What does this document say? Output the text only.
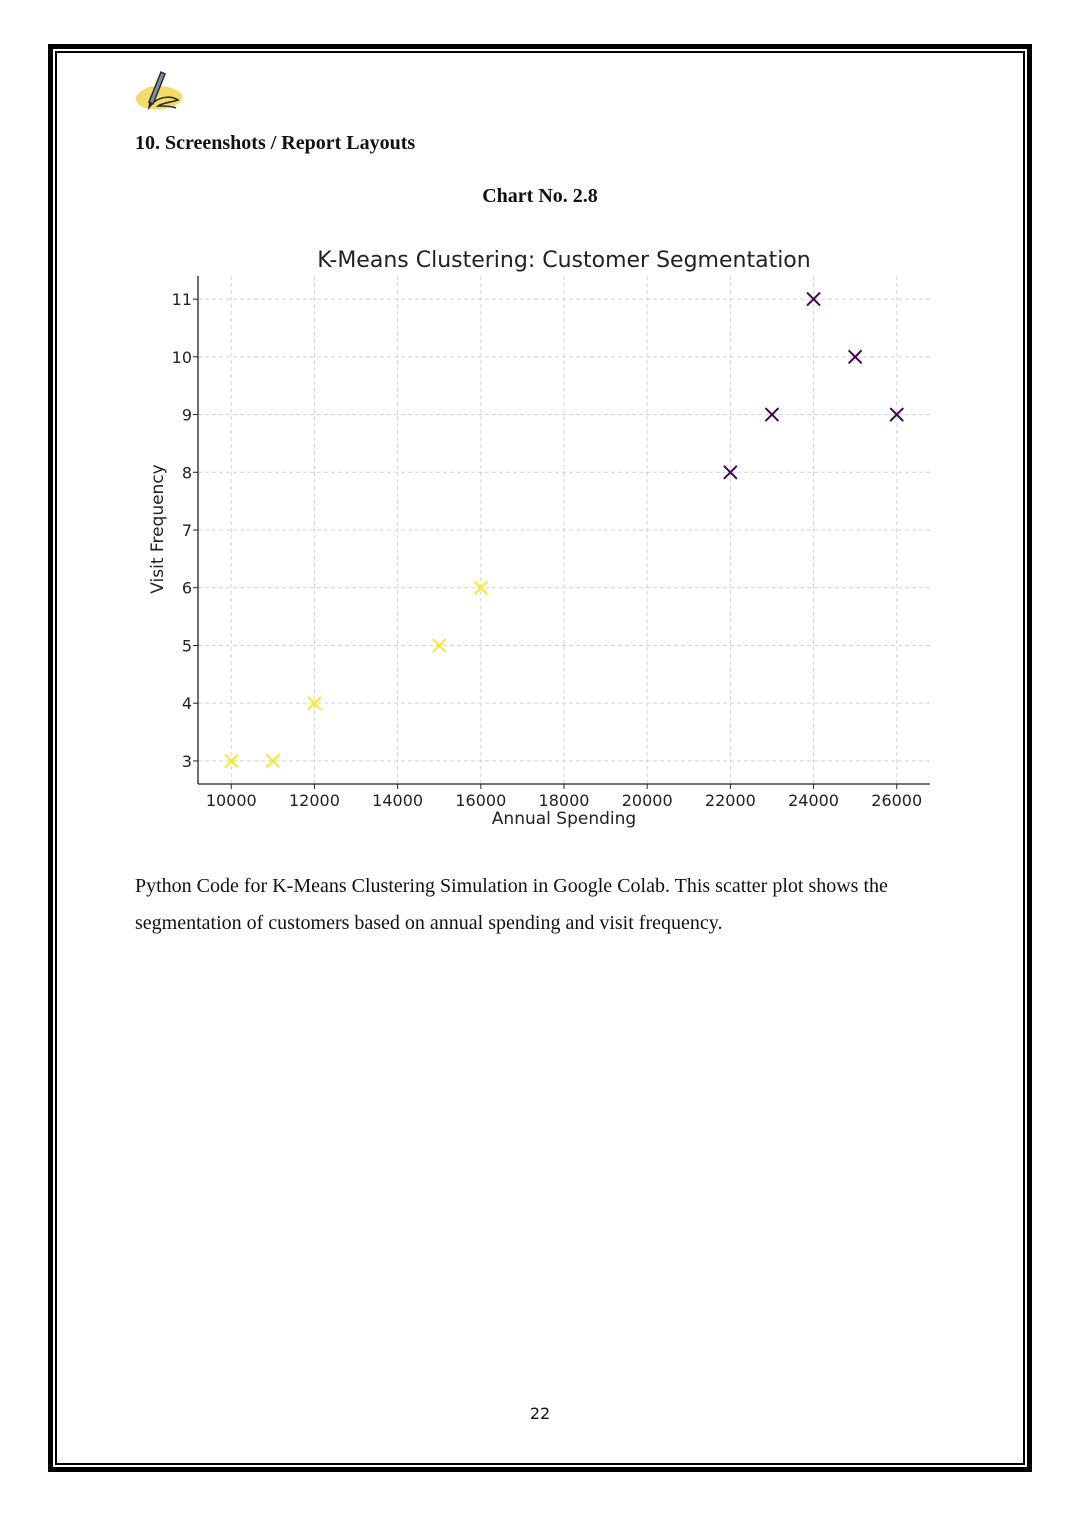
10. Screenshots / Report Layouts
Chart No. 2.8
10000 12000 14000 16000 18000 20000 22000 24000 26000
3
4
5
6
7
8
9
10
11
K-Means Clustering: Customer Segmentation
Annual Spending
Visit Frequency
Python Code for K-Means Clustering Simulation in Google Colab. This scatter plot shows the segmentation of customers based on annual spending and visit frequency.
22
